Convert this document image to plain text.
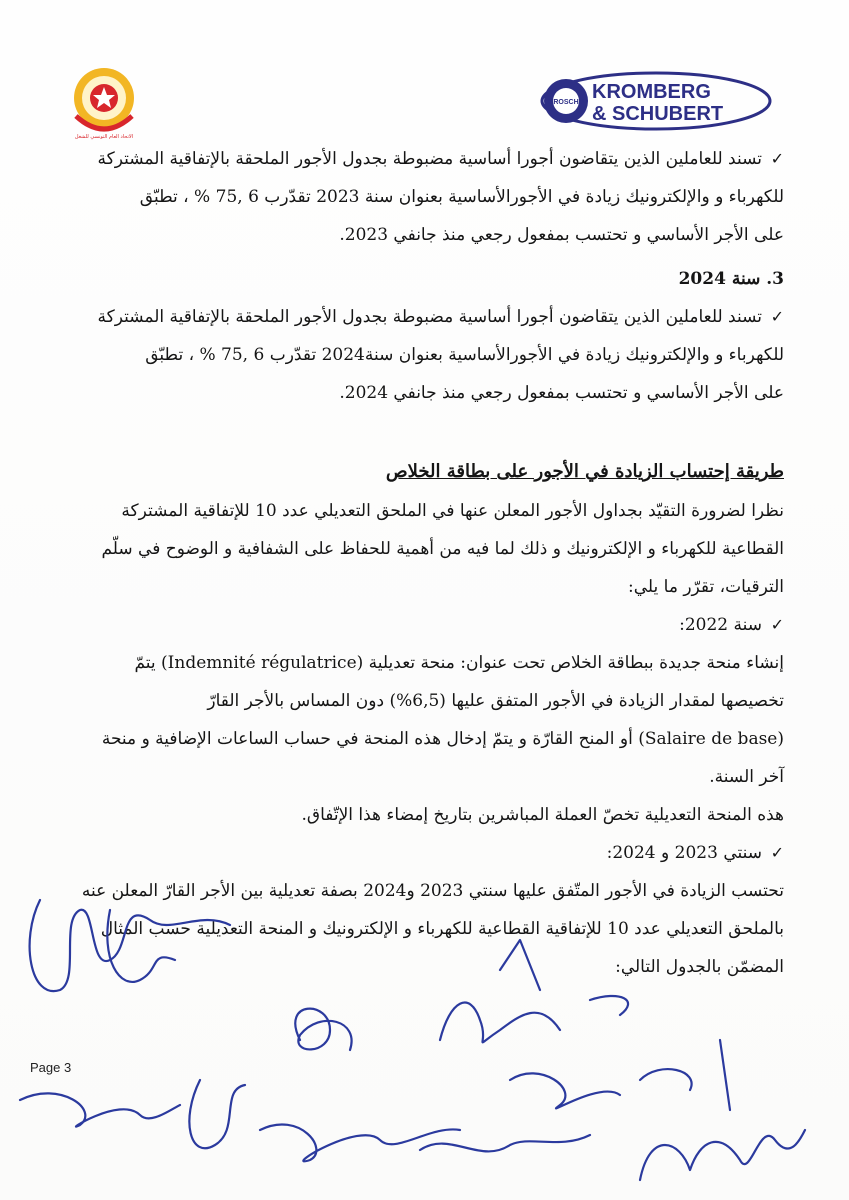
الاتحاد العام التونسي للشغل
KROSCHU KROMBERG
& SCHUBERT
✓تسند للعاملين الذين يتقاضون أجورا أساسية مضبوطة بجدول الأجور الملحقة بالإتفاقية المشتركة
للكهرباء و والإلكترونيك زيادة في الأجورالأساسية بعنوان سنة 2023 تقدّرب 6 ,75 % ، تطبّق
على الأجر الأساسي و تحتسب بمفعول رجعي منذ جانفي 2023.
3. سنة 2024
✓تسند للعاملين الذين يتقاضون أجورا أساسية مضبوطة بجدول الأجور الملحقة بالإتفاقية المشتركة
للكهرباء و والإلكترونيك زيادة في الأجورالأساسية بعنوان سنة2024 تقدّرب 6 ,75 % ، تطبّق
على الأجر الأساسي و تحتسب بمفعول رجعي منذ جانفي 2024.
طريقة إحتساب الزيادة في الأجور على بطاقة الخلاص
نظرا لضرورة التقيّد بجداول الأجور المعلن عنها في الملحق التعديلي عدد 10 للإتفاقية المشتركة
القطاعية للكهرباء و الإلكترونيك و ذلك لما فيه من أهمية للحفاظ على الشفافية و الوضوح في سلّم
الترقيات، تقرّر ما يلي:
✓سنة 2022:
إنشاء منحة جديدة ببطاقة الخلاص تحت عنوان: منحة تعديلية (Indemnité régulatrice) يتمّ
تخصيصها لمقدار الزيادة في الأجور المتفق عليها (6,5%) دون المساس بالأجر القارّ
(Salaire de base) أو المنح القارّة و يتمّ إدخال هذه المنحة في حساب الساعات الإضافية و منحة
آخر السنة.
هذه المنحة التعديلية تخصّ العملة المباشرين بتاريخ إمضاء هذا الإتّفاق.
✓سنتي 2023 و 2024:
تحتسب الزيادة في الأجور المتّفق عليها سنتي 2023 و2024 بصفة تعديلية بين الأجر القارّ المعلن عنه
بالملحق التعديلي عدد 10 للإتفاقية القطاعية للكهرباء و الإلكترونيك و المنحة التعديلية حسب المثال
المضمّن بالجدول التالي:
Page 3
